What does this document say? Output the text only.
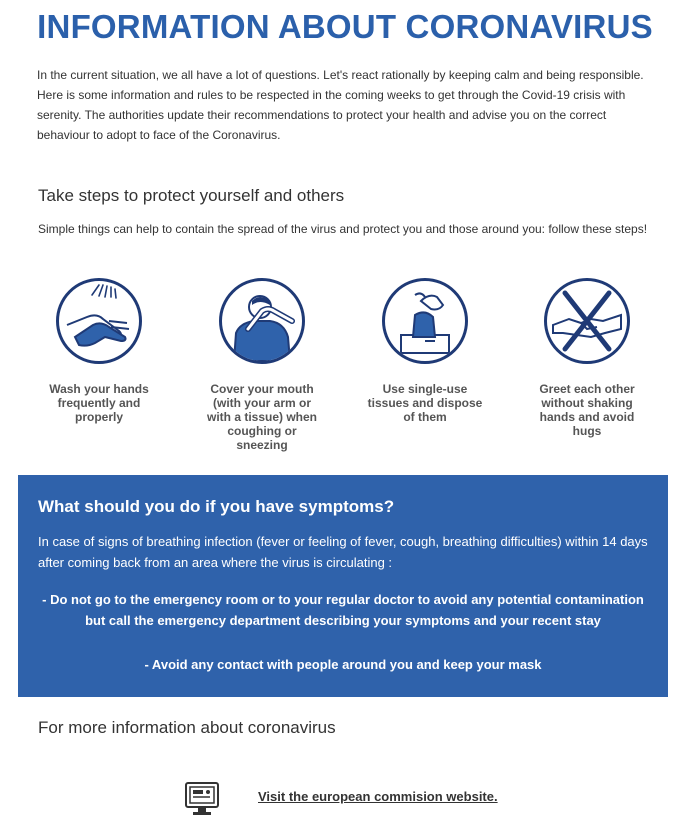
INFORMATION ABOUT CORONAVIRUS
In the current situation, we all have a lot of questions. Let's react rationally by keeping calm and being responsible. Here is some information and rules to be respected in the coming weeks to get through the Covid-19 crisis with serenity. The authorities update their recommendations to protect your health and advise you on the correct behaviour to adopt to face of the Coronavirus.
Take steps to protect yourself and others
Simple things can help to contain the spread of the virus and protect you and those around you: follow these steps!
Wash your hands frequently and properly
Cover your mouth (with your arm or with a tissue) when coughing or sneezing
Use single-use tissues and dispose of them
Greet each other without shaking hands and avoid hugs
What should you do if you have symptoms?
In case of signs of breathing infection (fever or feeling of fever, cough, breathing difficulties) within 14 days after coming back from an area where the virus is circulating :
- Do not go to the emergency room or to your regular doctor to avoid any potential contamination but call the emergency department describing your symptoms and your recent stay
- Avoid any contact with people around you and keep your mask
For more information about coronavirus
Visit the european commision website.
